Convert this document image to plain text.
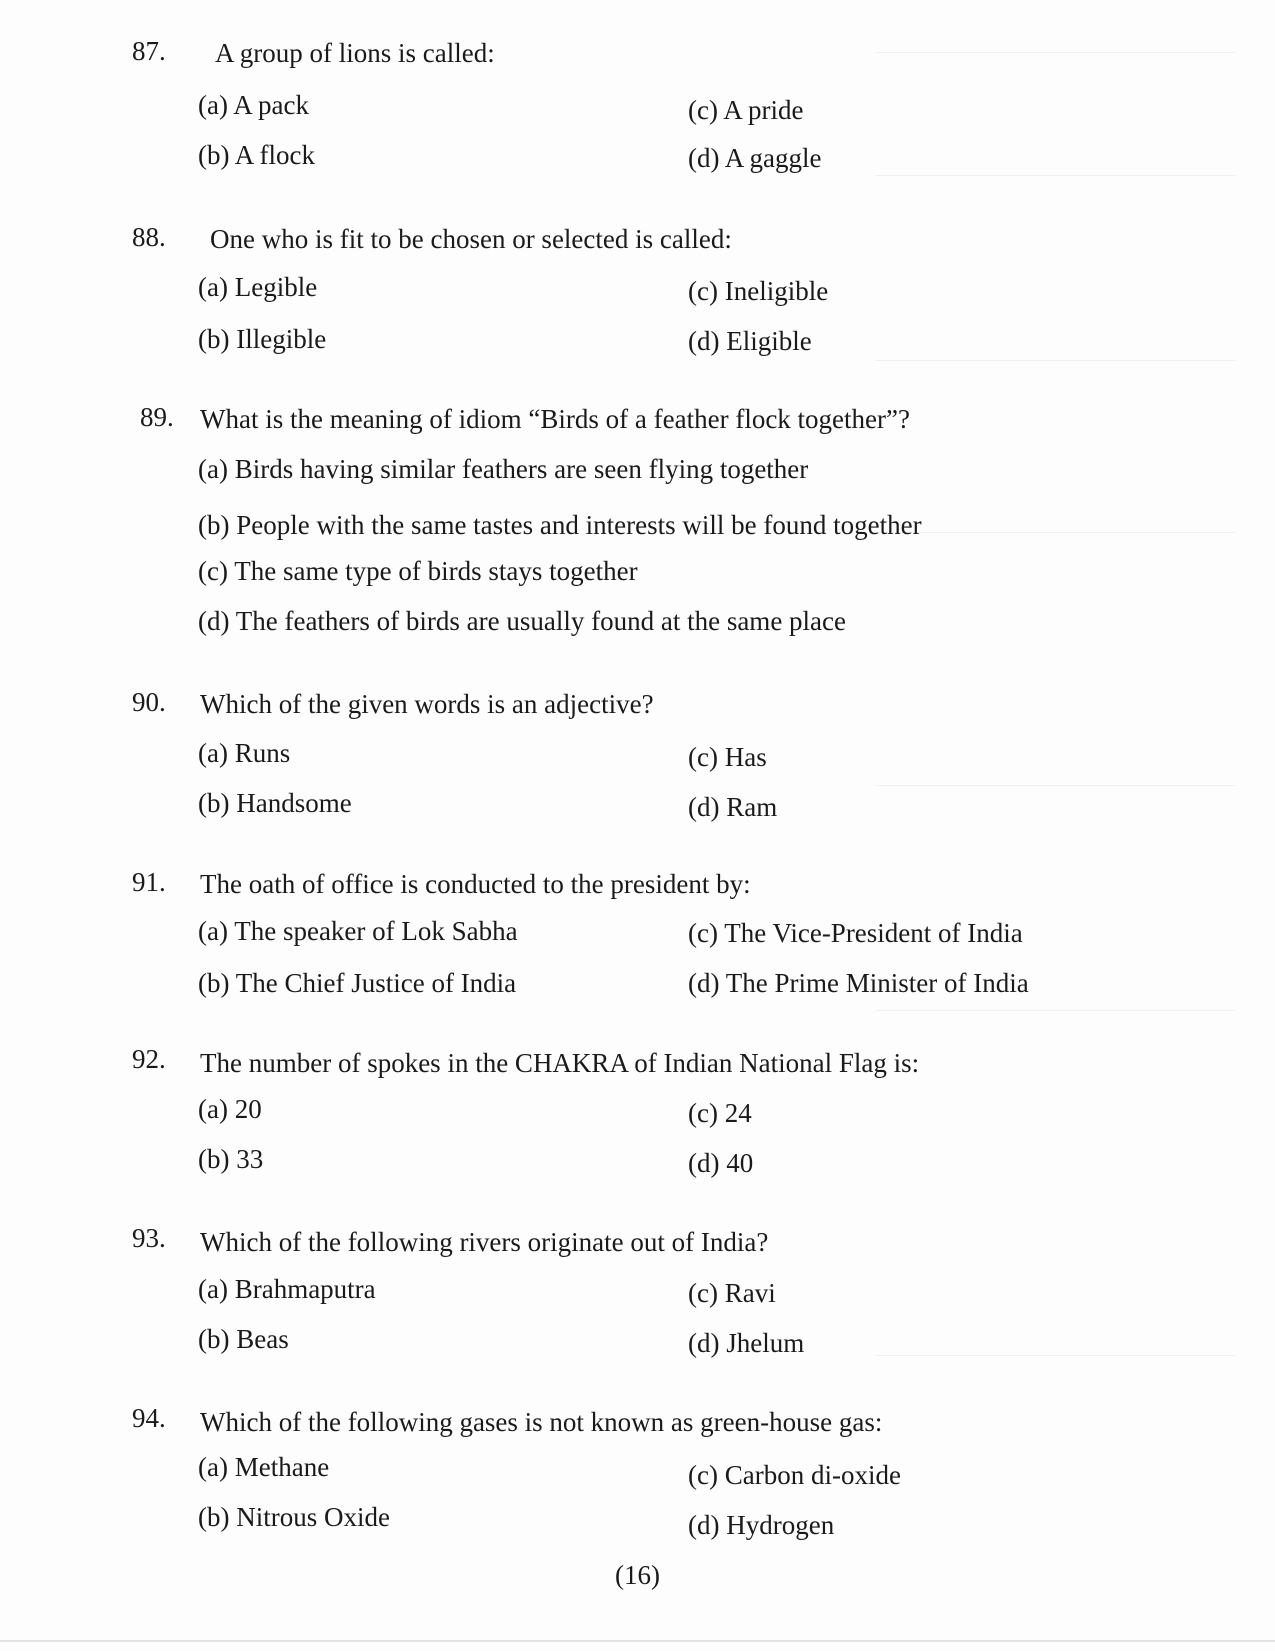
87. A group of lions is called:
(a) A pack
(b) A flock
(c) A pride
(d) A gaggle
88. One who is fit to be chosen or selected is called:
(a) Legible
(b) Illegible
(c) Ineligible
(d) Eligible
89. What is the meaning of idiom “Birds of a feather flock together”?
(a) Birds having similar feathers are seen flying together
(b) People with the same tastes and interests will be found together
(c) The same type of birds stays together
(d) The feathers of birds are usually found at the same place
90. Which of the given words is an adjective?
(a) Runs
(b) Handsome
(c) Has
(d) Ram
91. The oath of office is conducted to the president by:
(a) The speaker of Lok Sabha
(b) The Chief Justice of India
(c) The Vice-President of India
(d) The Prime Minister of India
92. The number of spokes in the CHAKRA of Indian National Flag is:
(a) 20
(b) 33
(c) 24
(d) 40
93. Which of the following rivers originate out of India?
(a) Brahmaputra
(b) Beas
(c) Ravi
(d) Jhelum
94. Which of the following gases is not known as green-house gas:
(a) Methane
(b) Nitrous Oxide
(c) Carbon di-oxide
(d) Hydrogen
(16)
